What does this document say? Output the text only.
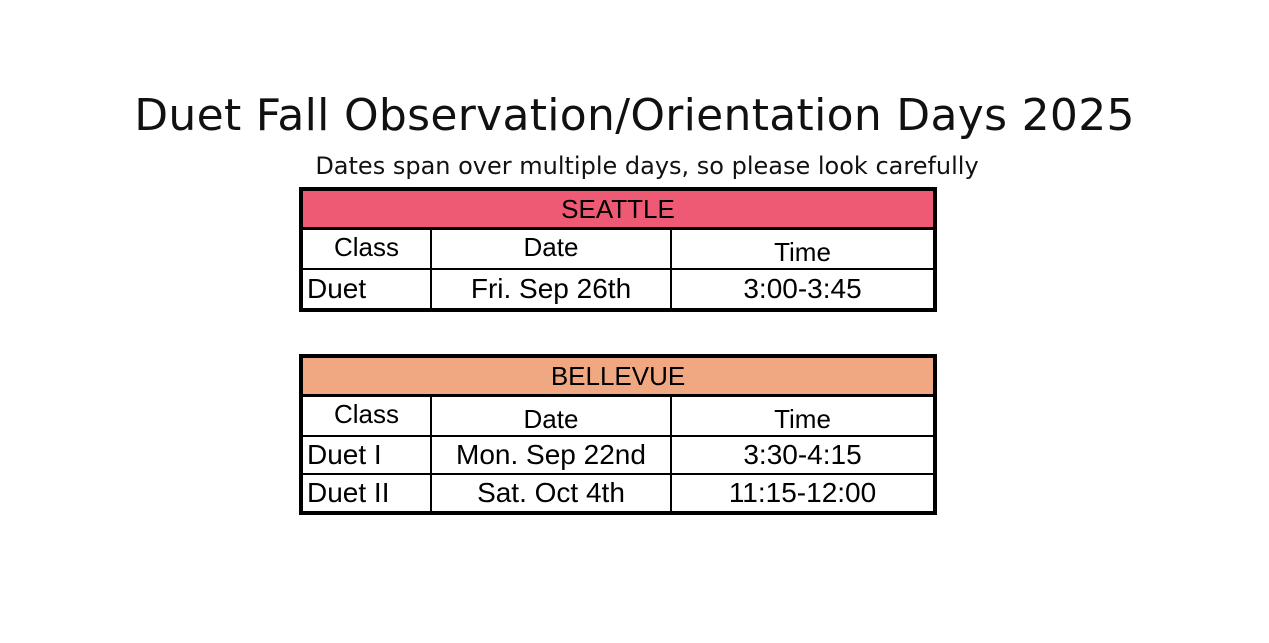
Duet Fall Observation/Orientation Days 2025

Dates span over multiple days, so please look carefully

SEATTLE		
Class	Date	Time
Duet	Fri. Sep 26th	3:00-3:45
BELLEVUE		
Class	Date	Time
Duet I	Mon. Sep 22nd	3:30-4:15
Duet II	Sat. Oct 4th	11:15-12:00
